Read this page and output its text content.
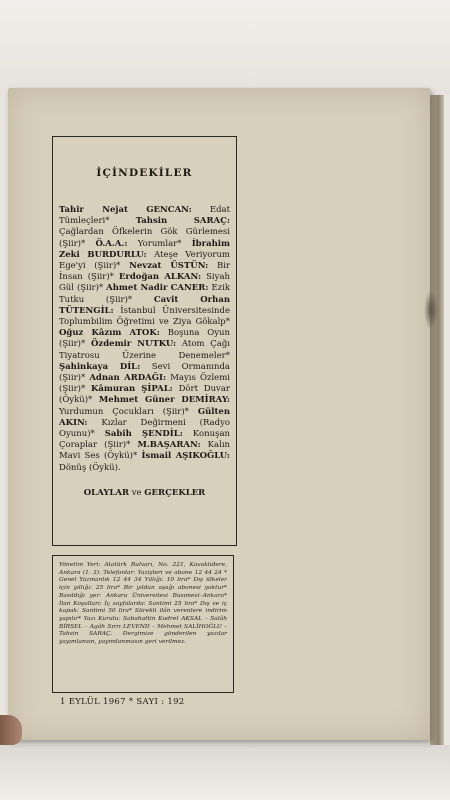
İÇİNDEKİLER
Tahir Nejat GENCAN: Edat Tümleçleri* Tahsin SARAÇ: Çağlardan Öfkelerin Gök Gürlemesi (Şiir)* Ö.A.A.: Yorumlar* İbrahim Zeki BURDURLU: Ateşe Veriyorum Ege'yi (Şiir)* Nevzat ÜSTÜN: Bir İnsan (Şiir)* Erdoğan ALKAN: Siyah Gül (Şiir)* Ahmet Nadir CANER: Ezik Tutku (Şiir)* Cavit Orhan TÜTENGİL: İstanbul Üniversitesinde Toplumbilim Öğretimi ve Ziya Gökalp* Oğuz Kâzım ATOK: Boşuna Oyun (Şiir)* Özdemir NUTKU: Atom Çağı Tiyatrosu Üzerine Denemeler* Şahinkaya DİL: Sevi Ormanında (Şiir)* Adnan ARDAĞI: Mayıs Özlemi (Şiir)* Kâmuran ŞİPAL: Dört Duvar (Öykü)* Mehmet Güner DEMİRAY: Yurdumun Çocukları (Şiir)* Gülten AKIN: Kızlar Değirmeni (Radyo Oyunu)* Sabih ŞENDİL: Konuşan Çoraplar (Şiir)* M.BAŞARAN: Kalın Mavi Ses (Öykü)* İsmail AŞIKOĞLU: Dönüş (Öykü).
OLAYLAR ve GERÇEKLER
Yönetim Yeri: Atatürk Bulvarı, No. 221, Kavaklıdere, Ankara (1. 3). Telefonlar: Yazişleri ve abone 12 44 24 * Genel Yazmanlık 12 44 34 Yıllığı: 10 lira* Dış ülkeler için yıllığı: 25 lira* Bir yıldan aşağı abonesi yoktur* Basıldığı yer: Ankara Üniversitesi Basımevi–Ankara* İlan Koşulları: İç sayfalarda: Santimi 25 lira* Dış ve iç kapak: Santimi 50 lira* Sürekli ilân verenlere indirim yapılır* Yazı Kurulu: Sabahattin Kudret AKSAL – Salâh BİRSEL – Agâh Sırrı LEVEND – Mehmet SALİHOĞLU – Tahsin SARAÇ. Dergimize gönderilen yazılar yayımlansın, yayımlanmasın geri verilmez.
1 EYLÜL 1967 * SAYI : 192
